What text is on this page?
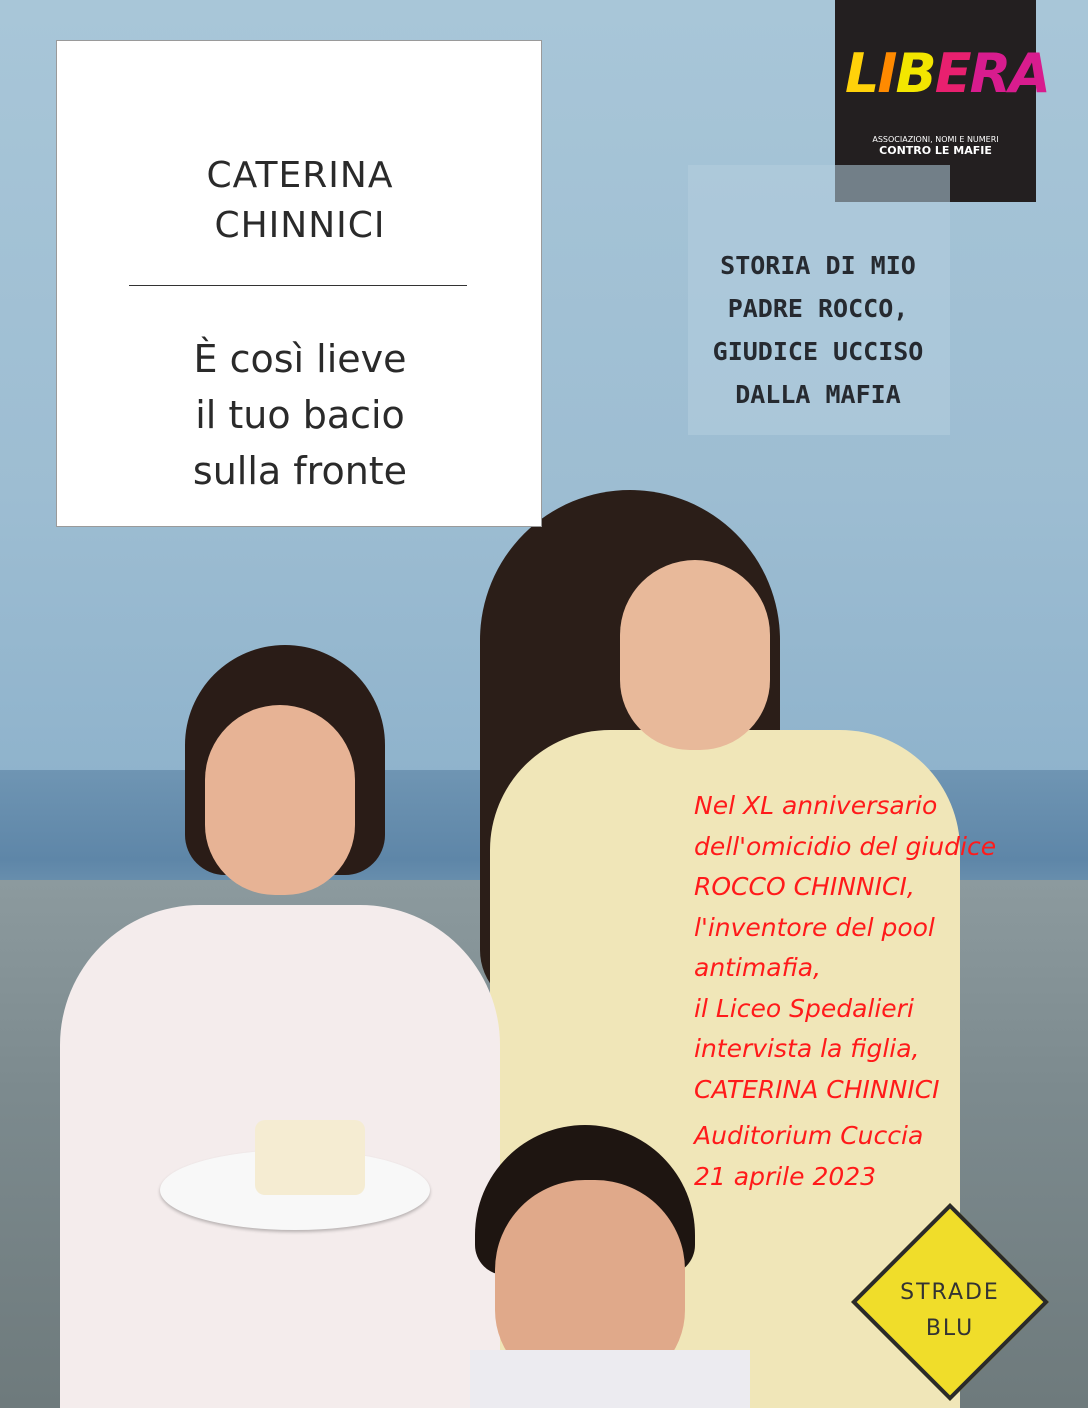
CATERINA
CHINNICI
È così lieve
il tuo bacio
sulla fronte
LIBERA
ASSOCIAZIONI, NOMI E NUMERI
CONTRO LE MAFIE
STORIA DI MIO
PADRE ROCCO,
GIUDICE UCCISO
DALLA MAFIA
Nel XL anniversario
dell'omicidio del giudice
ROCCO CHINNICI,
l'inventore del pool
antimafia,
il Liceo Spedalieri
intervista la figlia,
CATERINA CHINNICI
Auditorium Cuccia
21 aprile 2023
STRADE
BLU
